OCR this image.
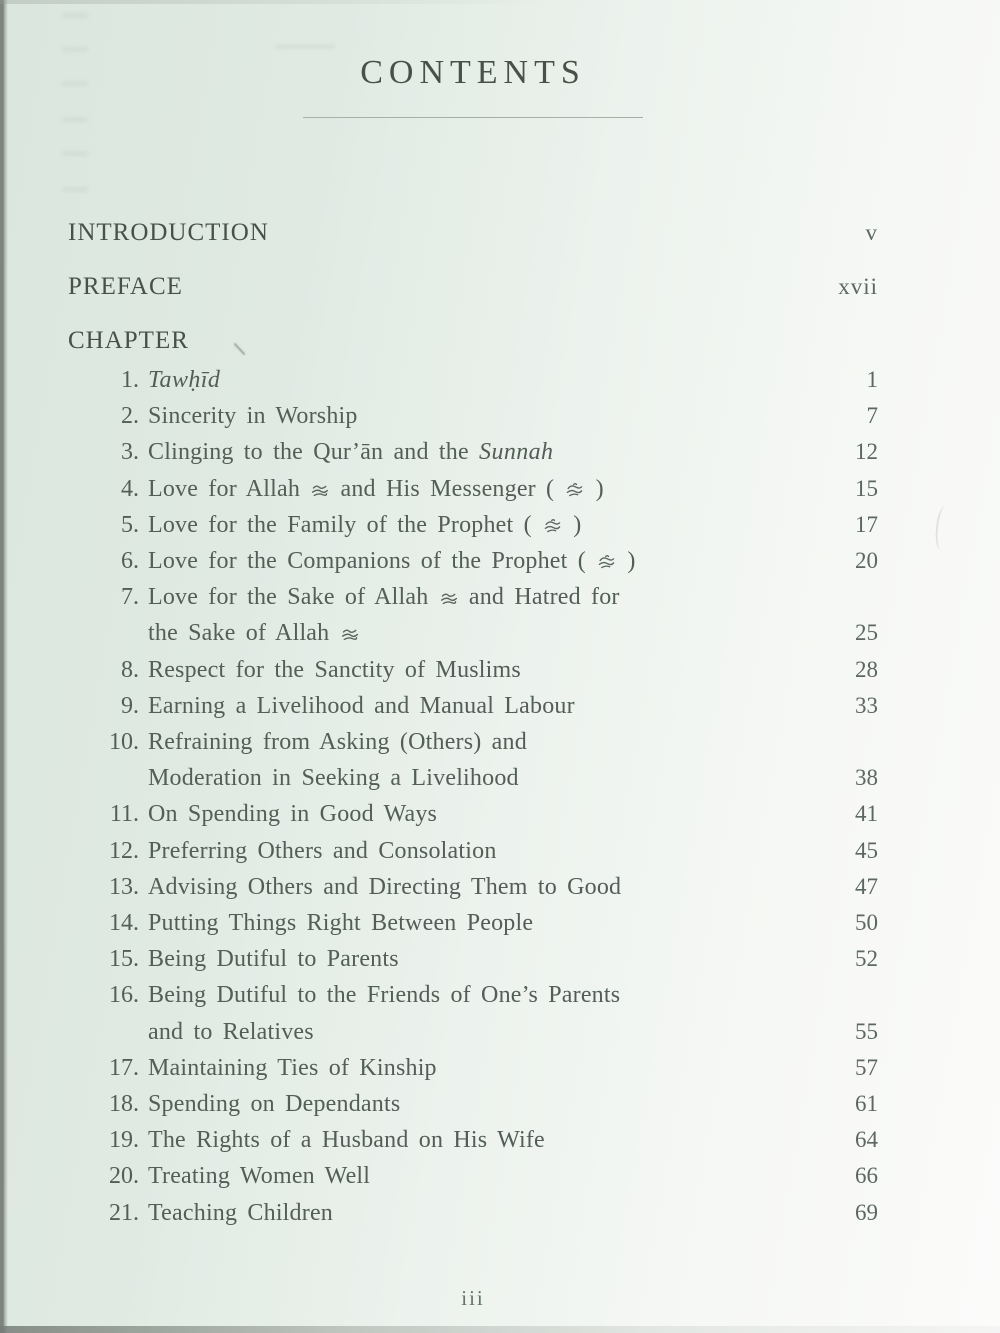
CONTENTS
INTRODUCTION	v
PREFACE	xvii
CHAPTER
1. Tawḥīd	1
2. Sincerity in Worship	7
3. Clinging to the Qur’ān and the Sunnah	12
4. Love for Allah  and His Messenger ( )	15
5. Love for the Family of the Prophet ( )	17
6. Love for the Companions of the Prophet ( )	20
7. Love for the Sake of Allah  and Hatred for
the Sake of Allah	25
8. Respect for the Sanctity of Muslims	28
9. Earning a Livelihood and Manual Labour	33
10. Refraining from Asking (Others) and
Moderation in Seeking a Livelihood	38
11. On Spending in Good Ways	41
12. Preferring Others and Consolation	45
13. Advising Others and Directing Them to Good	47
14. Putting Things Right Between People	50
15. Being Dutiful to Parents	52
16. Being Dutiful to the Friends of One’s Parents
and to Relatives	55
17. Maintaining Ties of Kinship	57
18. Spending on Dependants	61
19. The Rights of a Husband on His Wife	64
20. Treating Women Well	66
21. Teaching Children	69
iii
